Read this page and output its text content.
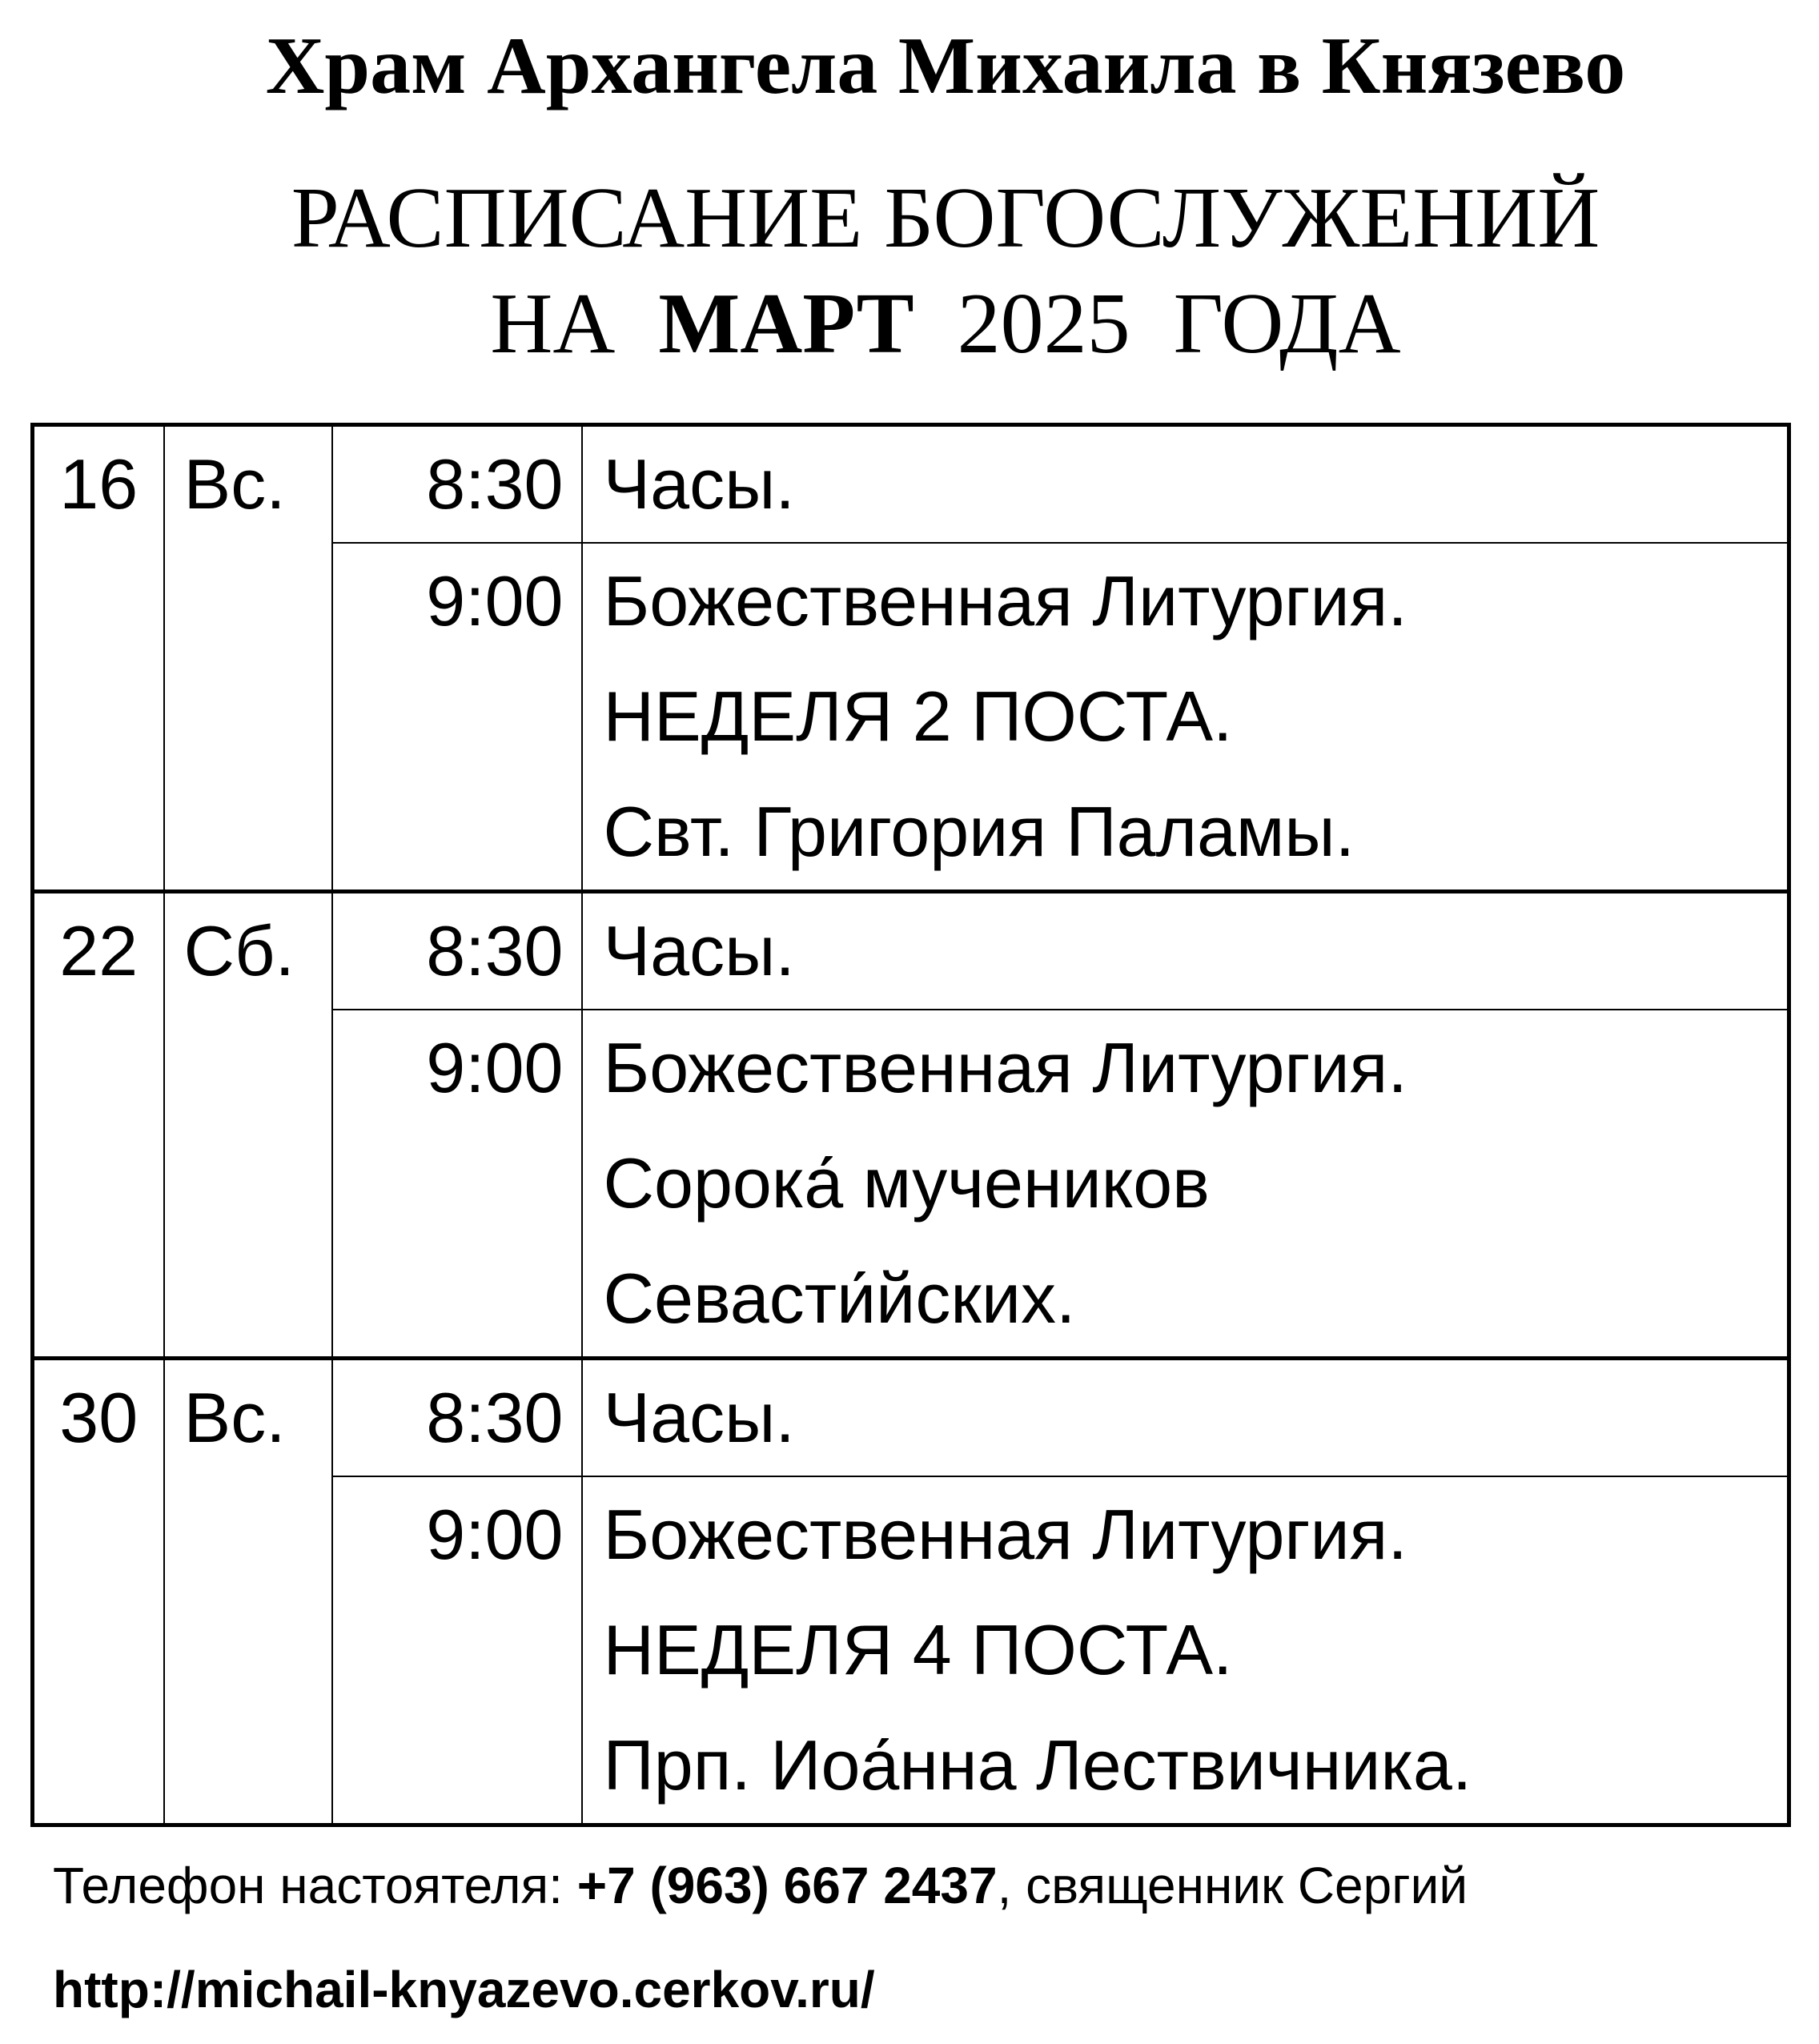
Храм Архангела Михаила в Князево
РАСПИСАНИЕ БОГОСЛУЖЕНИЙ
НА МАРТ 2025 ГОДА
16	Вс.	8:30	Часы.

		9:00	Божественная Литургия.
НЕДЕЛЯ 2 ПОСТА.
Свт. Григория Паламы.

22	Сб.	8:30	Часы.

		9:00	Божественная Литургия.
Сорока́ мучеников
Севасти́йских.

30	Вс.	8:30	Часы.

		9:00	Божественная Литургия.
НЕДЕЛЯ 4 ПОСТА.
Прп. Иоа́нна Лествичника.
Телефон настоятеля: +7 (963) 667 2437, священник Сергий
http://michail-knyazevo.cerkov.ru/
